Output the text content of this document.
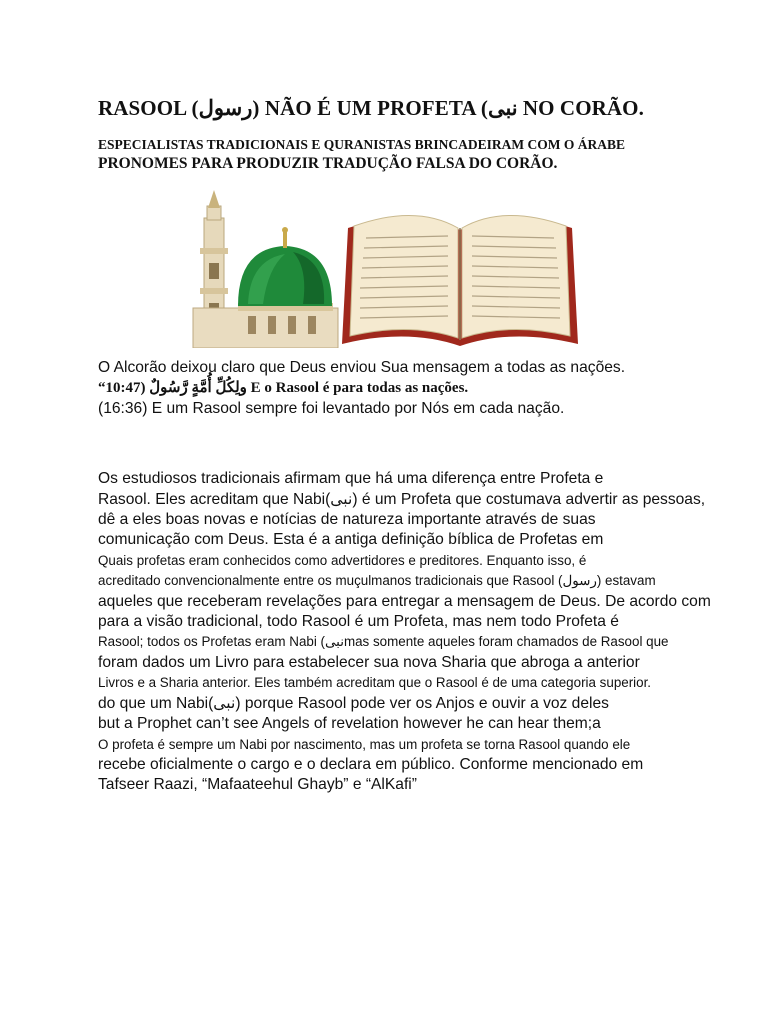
RASOOL (رسول) NÃO É UM PROFETA (نبی NO CORÃO.

ESPECIALISTAS TRADICIONAIS E QURANISTAS BRINCADEIRAM COM O ÁRABE

PRONOMES PARA PRODUZIR TRADUÇÃO FALSA DO CORÃO.

O Alcorão deixou claro que Deus enviou Sua mensagem a todas as nações.
“10:47) ولِكُلِّ أُمَّةٍ رَّسُولٌ E o Rasool é para todas as nações.
(16:36) E um Rasool sempre foi levantado por Nós em cada nação.
Os estudiosos tradicionais afirmam que há uma diferença entre Profeta e
Rasool. Eles acreditam que Nabi(نبی) é um Profeta que costumava advertir as pessoas,
dê a eles boas novas e notícias de natureza importante através de suas
comunicação com Deus. Esta é a antiga definição bíblica de Profetas em
Quais profetas eram conhecidos como advertidores e preditores. Enquanto isso, é
acreditado convencionalmente entre os muçulmanos tradicionais que Rasool (رسول) estavam
aqueles que receberam revelações para entregar a mensagem de Deus. De acordo com
para a visão tradicional, todo Rasool é um Profeta, mas nem todo Profeta é
Rasool; todos os Profetas eram Nabi (نبیmas somente aqueles foram chamados de Rasool que
foram dados um Livro para estabelecer sua nova Sharia que abroga a anterior
Livros e a Sharia anterior. Eles também acreditam que o Rasool é de uma categoria superior.
do que um Nabi(نبی) porque Rasool pode ver os Anjos e ouvir a voz deles
but a Prophet can’t see Angels of revelation however he can hear them;a
O profeta é sempre um Nabi por nascimento, mas um profeta se torna Rasool quando ele
recebe oficialmente o cargo e o declara em público. Conforme mencionado em
Tafseer Raazi, “Mafaateehul Ghayb” e “AlKafi”
